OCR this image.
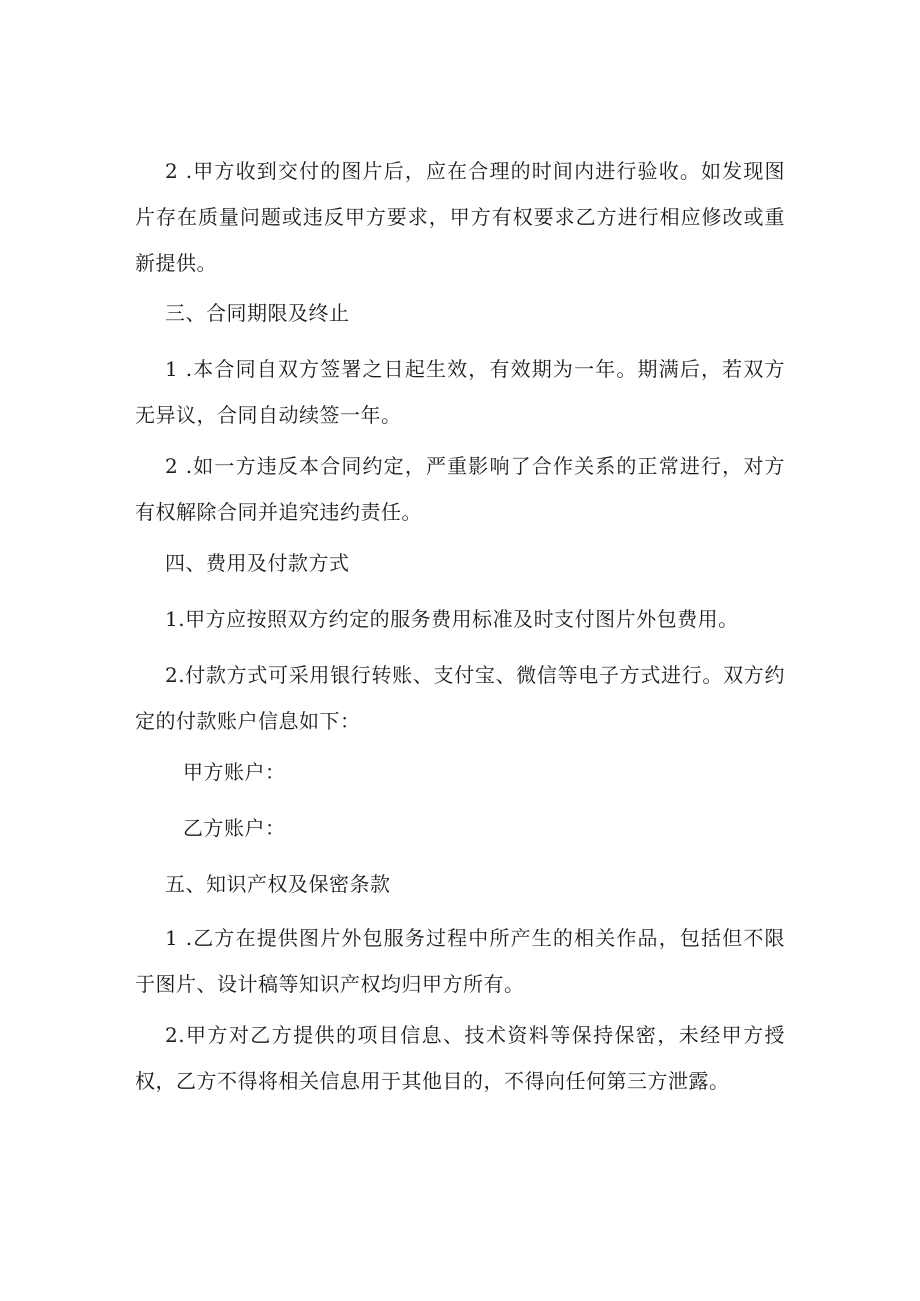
2 .甲方收到交付的图片后，应在合理的时间内进行验收。如发现图片存在质量问题或违反甲方要求，甲方有权要求乙方进行相应修改或重新提供。

三、合同期限及终止

1 .本合同自双方签署之日起生效，有效期为一年。期满后，若双方无异议，合同自动续签一年。

2 .如一方违反本合同约定，严重影响了合作关系的正常进行，对方有权解除合同并追究违约责任。

四、费用及付款方式

1.甲方应按照双方约定的服务费用标准及时支付图片外包费用。

2.付款方式可采用银行转账、支付宝、微信等电子方式进行。双方约定的付款账户信息如下：

甲方账户：

乙方账户：

五、知识产权及保密条款

1 .乙方在提供图片外包服务过程中所产生的相关作品，包括但不限于图片、设计稿等知识产权均归甲方所有。

2.甲方对乙方提供的项目信息、技术资料等保持保密，未经甲方授权，乙方不得将相关信息用于其他目的，不得向任何第三方泄露。
